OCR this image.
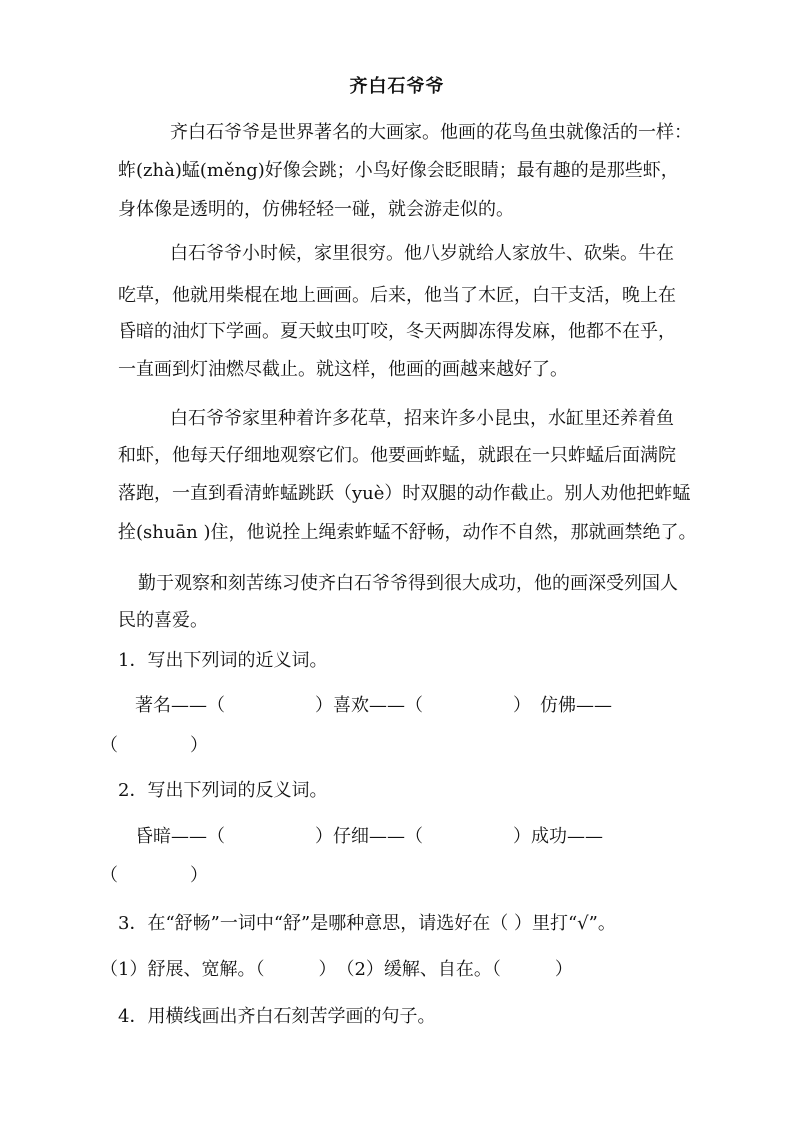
齐白石爷爷
齐白石爷爷是世界著名的大画家。他画的花鸟鱼虫就像活的一样：
蚱(zhà)蜢(měng)好像会跳；小鸟好像会眨眼睛；最有趣的是那些虾，
身体像是透明的，仿佛轻轻一碰，就会游走似的。
白石爷爷小时候，家里很穷。他八岁就给人家放牛、砍柴。牛在
吃草，他就用柴棍在地上画画。后来，他当了木匠，白干支活，晚上在
昏暗的油灯下学画。夏天蚊虫叮咬，冬天两脚冻得发麻，他都不在乎，
一直画到灯油燃尽截止。就这样，他画的画越来越好了。
白石爷爷家里种着许多花草，招来许多小昆虫，水缸里还养着鱼
和虾，他每天仔细地观察它们。他要画蚱蜢，就跟在一只蚱蜢后面满院
落跑，一直到看清蚱蜢跳跃（yuè）时双腿的动作截止。别人劝他把蚱蜢
拴(shuān )住，他说拴上绳索蚱蜢不舒畅，动作不自然，那就画禁绝了。
勤于观察和刻苦练习使齐白石爷爷得到很大成功，他的画深受列国人
民的喜爱。
1．写出下列词的近义词。
著名——（　　　　　）喜欢——（　　　　　）　仿佛——
（　　　　）
2．写出下列词的反义词。
昏暗——（　　　　　）仔细——（　　　　　）成功——
（　　　　）
3．在“舒畅”一词中“舒”是哪种意思，请选好在（ ）里打“√”。
（1）舒展、宽解。（　　　）　（2）缓解、自在。（　　　）
4．用横线画出齐白石刻苦学画的句子。
